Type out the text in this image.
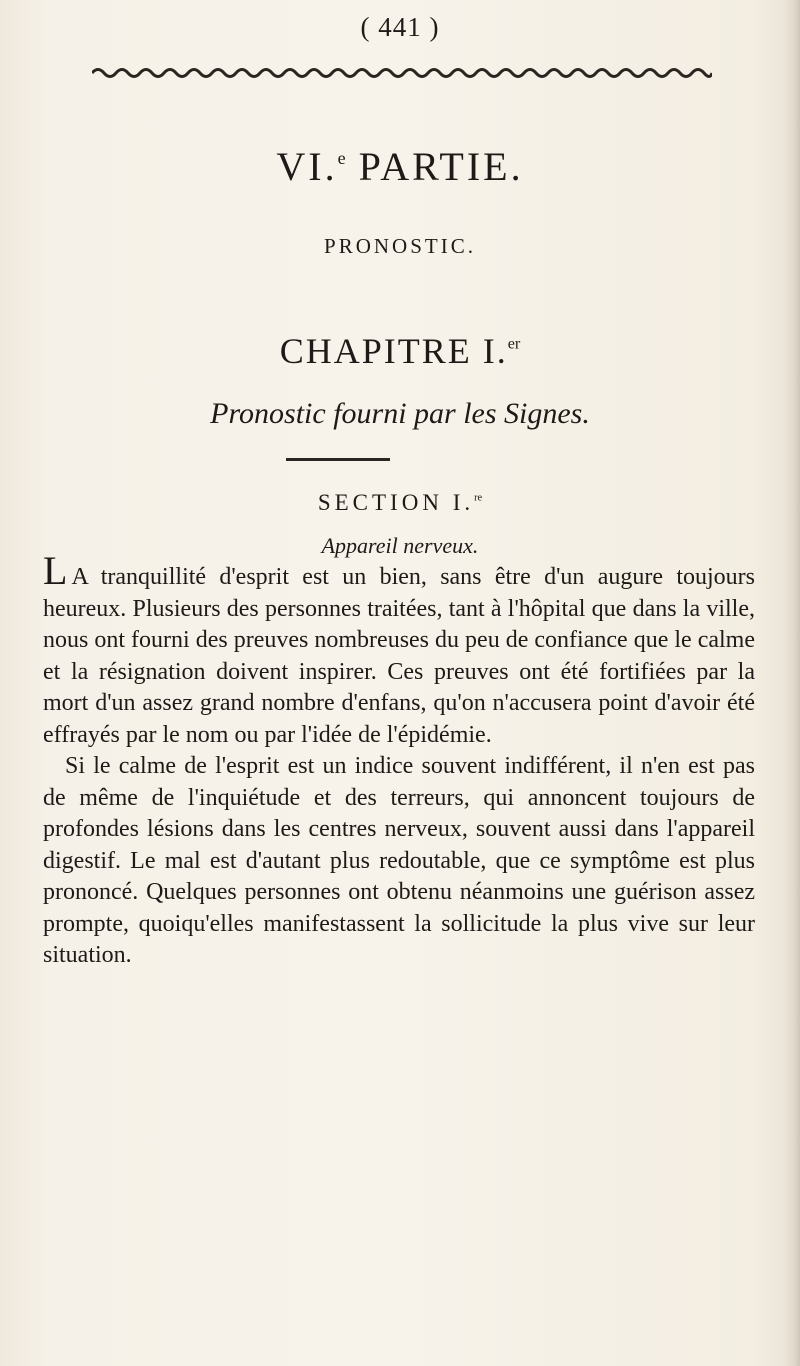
( 441 )
VI.$^e$ PARTIE.
PRONOSTIC.
CHAPITRE I.$^{er}$
Pronostic fourni par les Signes.
SECTION I.$^{re}$
Appareil nerveux.

L A tranquillité d'esprit est un bien, sans être d'un augure toujours heureux. Plusieurs des personnes traitées, tant à l'hôpital que dans la ville, nous ont fourni des preuves nombreuses du peu de confiance que le calme et la résignation doivent inspirer. Ces preuves ont été fortifiées par la mort d'un assez grand nombre d'enfans, qu'on n'accusera point d'avoir été effrayés par le nom ou par l'idée de l'épidémie.

Si le calme de l'esprit est un indice souvent indifférent, il n'en est pas de même de l'inquiétude et des terreurs, qui annoncent toujours de profondes lésions dans les centres nerveux, souvent aussi dans l'appareil digestif. Le mal est d'autant plus redoutable, que ce symptôme est plus prononcé. Quelques personnes ont obtenu néanmoins une guérison assez prompte, quoiqu'elles manifestassent la sollicitude la plus vive sur leur situation.
